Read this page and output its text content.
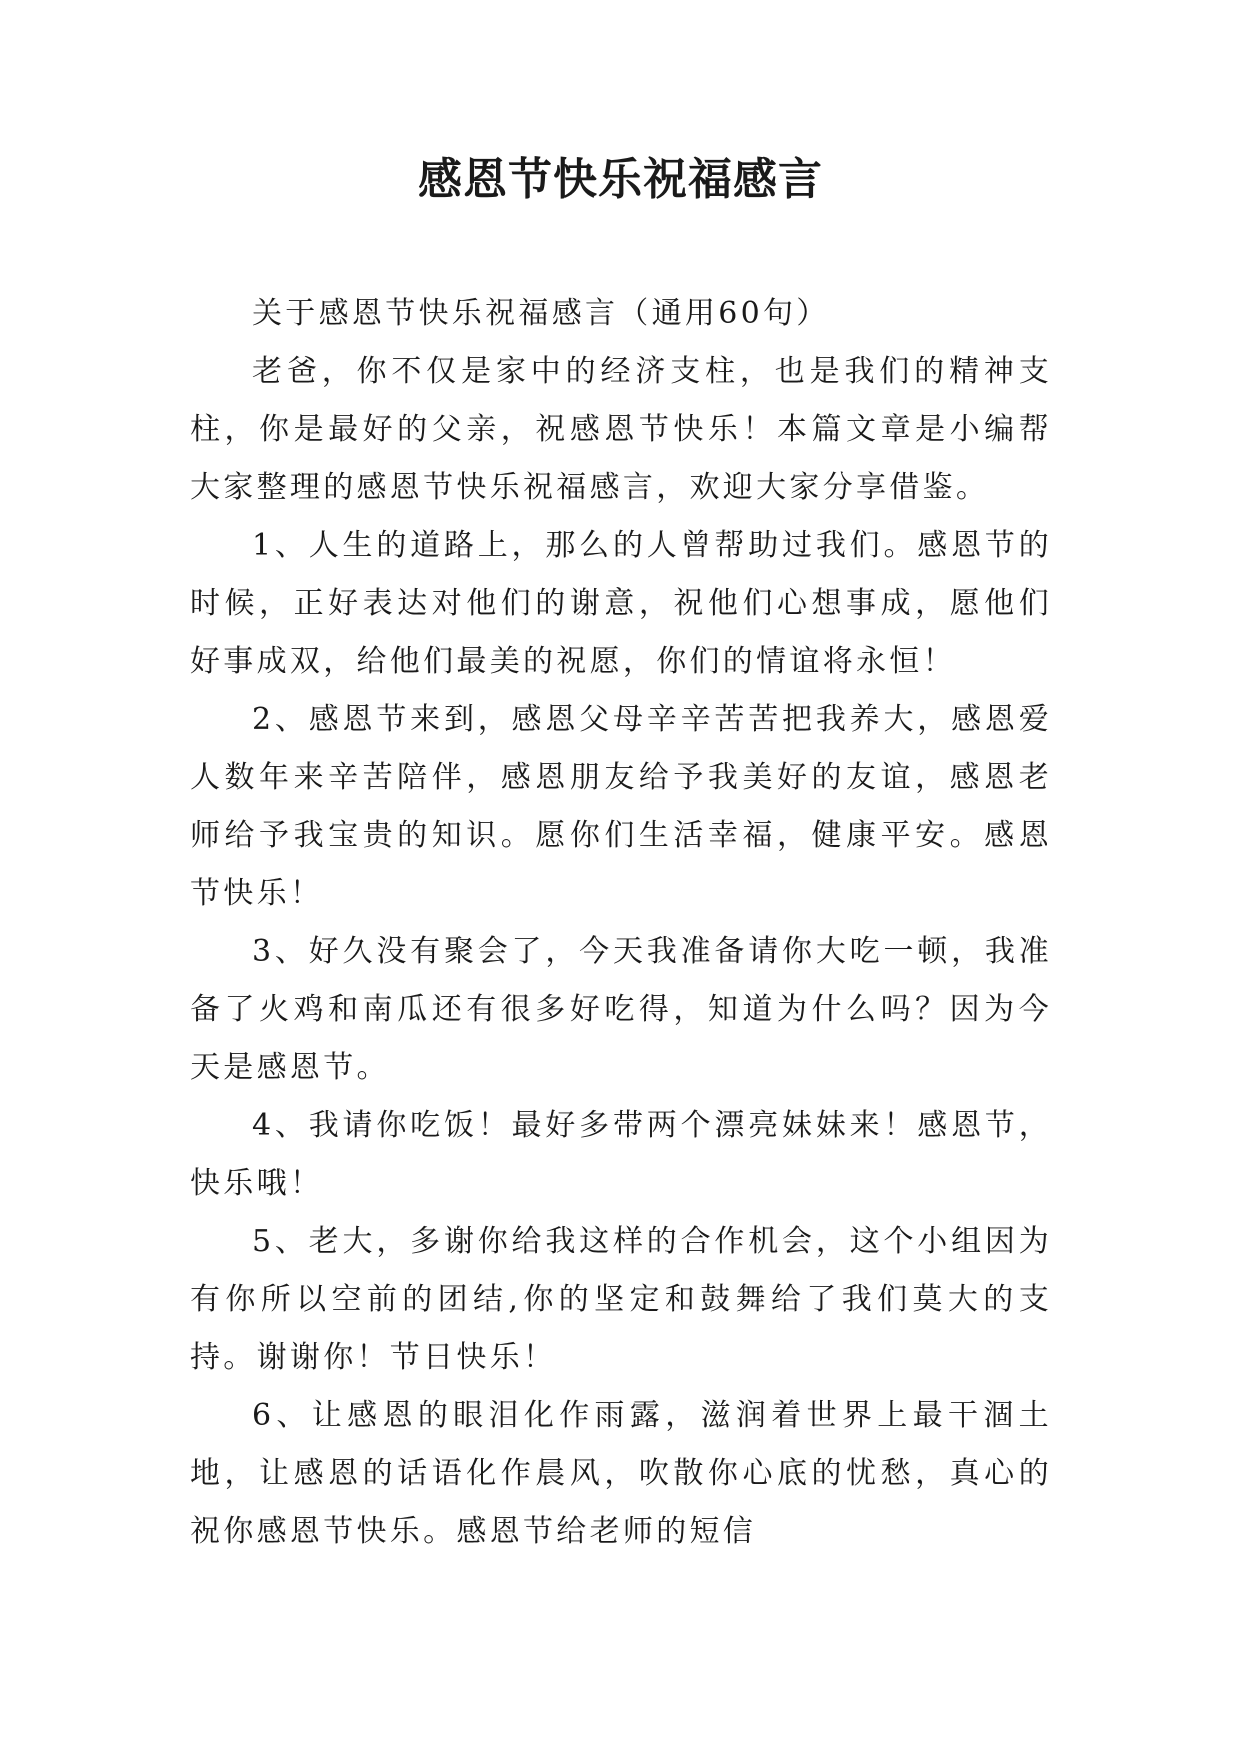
感恩节快乐祝福感言

关于感恩节快乐祝福感言（通用60句）

老爸，你不仅是家中的经济支柱，也是我们的精神支柱，你是最好的父亲，祝感恩节快乐！本篇文章是小编帮大家整理的感恩节快乐祝福感言，欢迎大家分享借鉴。

1、人生的道路上，那么的人曾帮助过我们。感恩节的时候，正好表达对他们的谢意，祝他们心想事成，愿他们好事成双，给他们最美的祝愿，你们的情谊将永恒！

2、感恩节来到，感恩父母辛辛苦苦把我养大，感恩爱人数年来辛苦陪伴，感恩朋友给予我美好的友谊，感恩老师给予我宝贵的知识。愿你们生活幸福，健康平安。感恩节快乐！

3、好久没有聚会了，今天我准备请你大吃一顿，我准备了火鸡和南瓜还有很多好吃得，知道为什么吗？因为今天是感恩节。

4、我请你吃饭！最好多带两个漂亮妹妹来！感恩节，快乐哦！

5、老大，多谢你给我这样的合作机会，这个小组因为有你所以空前的团结,你的坚定和鼓舞给了我们莫大的支持。谢谢你！节日快乐！

6、让感恩的眼泪化作雨露，滋润着世界上最干涸土地，让感恩的话语化作晨风，吹散你心底的忧愁，真心的祝你感恩节快乐。感恩节给老师的短信
